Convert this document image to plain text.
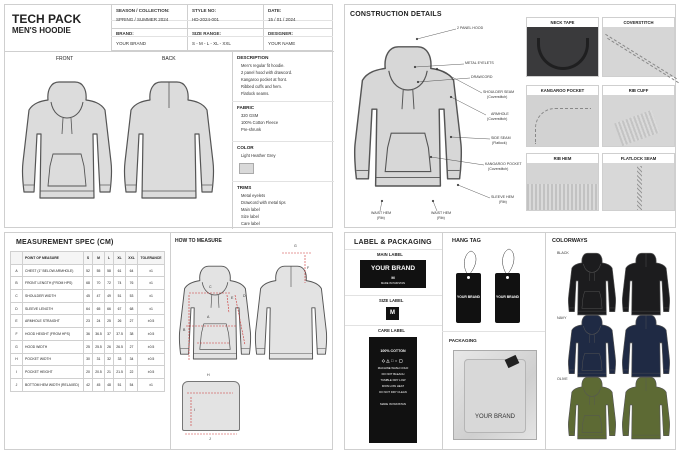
TECH PACK
MEN'S HOODIE
SEASON / COLLECTION:
SPRING / SUMMER 2024
STYLE NO:
HD-2024-001
DATE:
15 / 01 / 2024
BRAND:
YOUR BRAND
SIZE RANGE:
S - M - L - XL - XXL
DESIGNER:
YOUR NAME
FRONT	BACK	DESCRIPTION
Men's regular fit hoodie.
2 panel hood with drawcord.
Kangaroo pocket at front.
Ribbed cuffs and hem.
Flatlock seams.
FABRIC
320 GSM
100% Cotton Fleece
Pre-shrunk
COLOR
Light Heather Grey
TRIMS
Metal eyelets
Drawcord with metal tips
Main label
Size label
Care label
CONSTRUCTION DETAILS
2 PANEL HOOD
METAL EYELETS
DRAWCORD
SHOULDER SEAM
(Coverstitch)
ARMHOLE
(Coverstitch)
SIDE SEAM
(Flatlock)
KANGAROO POCKET
(Coverstitch)
SLEEVE HEM
(Rib)
WAIST HEM
(Rib)
WAIST HEM
(Rib)
NECK TAPE	COVERSTITCH
KANGAROO POCKET	RIB CUFF
RIB HEM	FLATLOCK SEAM
MEASUREMENT SPEC (CM)
	POINT OF MEASURE	S	M	L	XL	XXL	TOLERANCE
A	CHEST (1" BELOW ARMHOLE)	52	55	58	61	64	±1
B	FRONT LENGTH (FROM HPS)	68	70	72	74	76	±1
C	SHOULDER WIDTH	45	47	49	51	53	±1
D	SLEEVE LENGTH	64	65	66	67	68	±1
E	ARMHOLE STRAIGHT	23	24	25	26	27	±0.5
F	HOOD HEIGHT (FROM HPS)	36	36.5	37	37.5	38	±0.5
G	HOOD WIDTH	25	25.5	26	26.5	27	±0.5
H	POCKET WIDTH	30	31	32	33	34	±0.5
I	POCKET HEIGHT	20	20.5	21	21.5	22	±0.5
J	BOTTOM HEM WIDTH (RELAXED)	42	45	48	51	54	±1
HOW TO MEASURE
A
B
C
D
E
F
G
H
I
J
LABEL & PACKAGING
MAIN LABEL
YOUR BRAND
M
MADE IN PAKISTAN
SIZE LABEL
M
CARE LABEL
100% COTTON
◇△□○▢
MACHINE WASH COLD
DO NOT BLEACH
TUMBLE DRY LOW
IRON LOW HEAT
DO NOT DRY CLEAN
MADE IN PAKISTAN
HANG TAG
YOUR BRAND	YOUR BRAND
PACKAGING
YOUR BRAND
COLORWAYS
BLACK
NAVY
OLIVE
